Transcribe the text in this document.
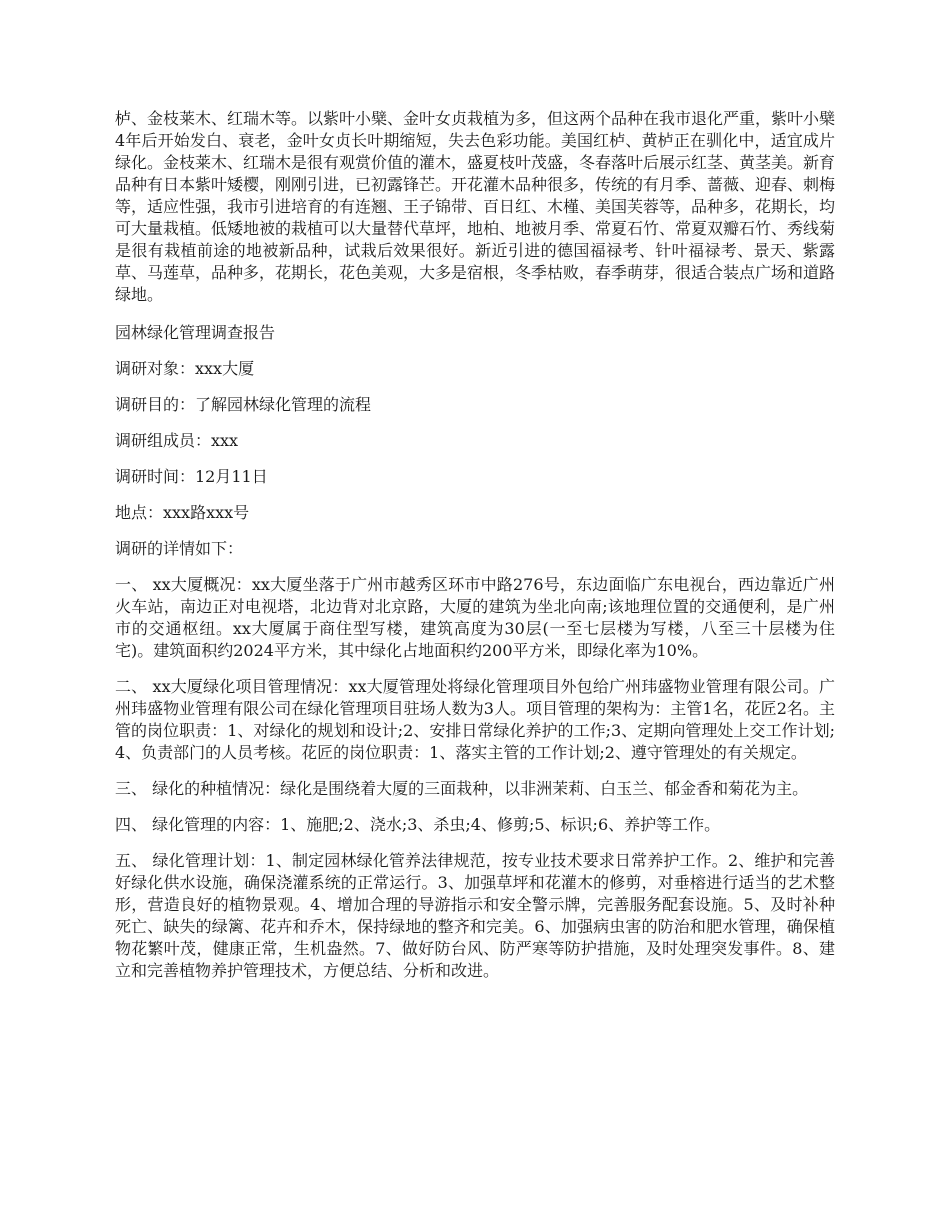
栌、金枝莱木、红瑞木等。以紫叶小檗、金叶女贞栽植为多，但这两个品种在我市退化严重，紫叶小檗4年后开始发白、衰老，金叶女贞长叶期缩短，失去色彩功能。美国红栌、黄栌正在驯化中，适宜成片绿化。金枝莱木、红瑞木是很有观赏价值的灌木，盛夏枝叶茂盛，冬春落叶后展示红茎、黄茎美。新育品种有日本紫叶矮樱，刚刚引进，已初露锋芒。开花灌木品种很多，传统的有月季、蔷薇、迎春、刺梅等，适应性强，我市引进培育的有连翘、王子锦带、百日红、木槿、美国芙蓉等，品种多，花期长，均可大量栽植。低矮地被的栽植可以大量替代草坪，地柏、地被月季、常夏石竹、常夏双瓣石竹、秀线菊是很有栽植前途的地被新品种，试栽后效果很好。新近引进的德国福禄考、针叶福禄考、景天、紫露草、马莲草，品种多，花期长，花色美观，大多是宿根，冬季枯败，春季萌芽，很适合装点广场和道路绿地。

园林绿化管理调查报告

调研对象：xxx大厦

调研目的：了解园林绿化管理的流程

调研组成员：xxx

调研时间：12月11日

地点：xxx路xxx号

调研的详情如下：

一、 xx大厦概况：xx大厦坐落于广州市越秀区环市中路276号，东边面临广东电视台，西边靠近广州火车站，南边正对电视塔，北边背对北京路，大厦的建筑为坐北向南;该地理位置的交通便利，是广州市的交通枢纽。xx大厦属于商住型写楼，建筑高度为30层(一至七层楼为写楼，八至三十层楼为住宅)。建筑面积约2024平方米，其中绿化占地面积约200平方米，即绿化率为10%。

二、 xx大厦绿化项目管理情况：xx大厦管理处将绿化管理项目外包给广州玮盛物业管理有限公司。广州玮盛物业管理有限公司在绿化管理项目驻场人数为3人。项目管理的架构为：主管1名，花匠2名。主管的岗位职责：1、对绿化的规划和设计;2、安排日常绿化养护的工作;3、定期向管理处上交工作计划;4、负责部门的人员考核。花匠的岗位职责：1、落实主管的工作计划;2、遵守管理处的有关规定。

三、 绿化的种植情况：绿化是围绕着大厦的三面栽种，以非洲茉莉、白玉兰、郁金香和菊花为主。

四、 绿化管理的内容：1、施肥;2、浇水;3、杀虫;4、修剪;5、标识;6、养护等工作。

五、 绿化管理计划：1、制定园林绿化管养法律规范，按专业技术要求日常养护工作。2、维护和完善好绿化供水设施，确保浇灌系统的正常运行。3、加强草坪和花灌木的修剪，对垂榕进行适当的艺术整形，营造良好的植物景观。4、增加合理的导游指示和安全警示牌，完善服务配套设施。5、及时补种死亡、缺失的绿篱、花卉和乔木，保持绿地的整齐和完美。6、加强病虫害的防治和肥水管理，确保植物花繁叶茂，健康正常，生机盎然。7、做好防台风、防严寒等防护措施，及时处理突发事件。8、建立和完善植物养护管理技术，方便总结、分析和改进。
